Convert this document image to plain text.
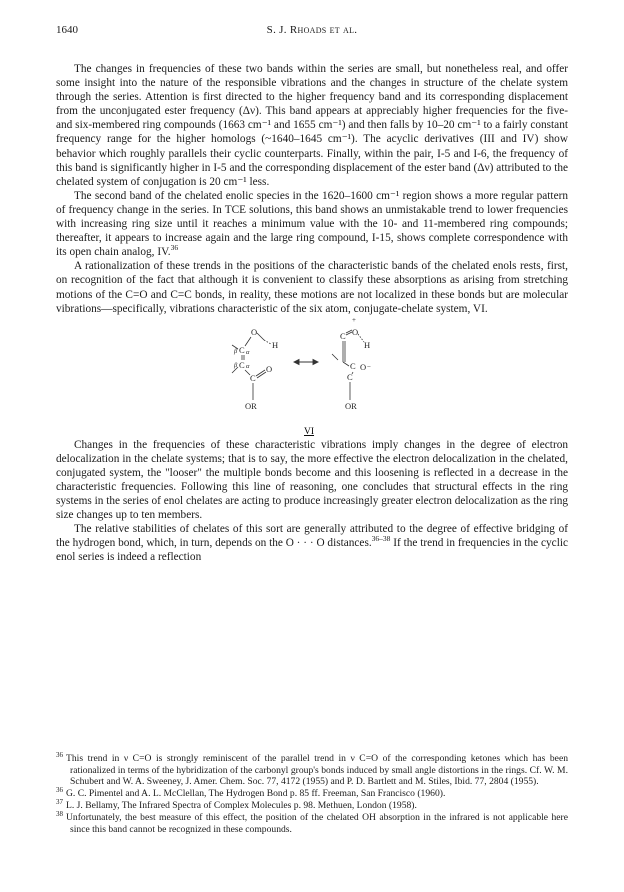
1640	S. J. Rhoads et al.

The changes in frequencies of these two bands within the series are small, but nonetheless real, and offer some insight into the nature of the responsible vibrations and the changes in structure of the chelate system through the series. Attention is first directed to the higher frequency band and its corresponding displacement from the unconjugated ester frequency (Δν). This band appears at appreciably higher frequencies for the five- and six-membered ring compounds (1663 cm⁻¹ and 1655 cm⁻¹) and then falls by 10–20 cm⁻¹ to a fairly constant frequency range for the higher homologs (~1640–1645 cm⁻¹). The acyclic derivatives (III and IV) show behavior which roughly parallels their cyclic counterparts. Finally, within the pair, I-5 and I-6, the frequency of this band is significantly higher in I-5 and the corresponding displacement of the ester band (Δν) attributed to the chelated system of conjugation is 20 cm⁻¹ less.

The second band of the chelated enolic species in the 1620–1600 cm⁻¹ region shows a more regular pattern of frequency change in the series. In TCE solutions, this band shows an unmistakable trend to lower frequencies with increasing ring size until it reaches a minimum value with the 10- and 11-membered ring compounds; thereafter, it appears to increase again and the large ring compound, I-15, shows complete correspondence with its open chain analog, IV.$^{36}$

A rationalization of these trends in the positions of the characteristic bands of the chelated enols rests, first, on recognition of the fact that although it is convenient to classify these absorptions as arising from stretching motions of the C=O and C=C bonds, in reality, these motions are not localized in these bonds but are molecular vibrations—specifically, vibrations characteristic of the six atom, conjugate-chelate system, VI.

O
H
β C α
β C α
C
O
OR
+
O
C
H
C O −
C
OR
VI

Changes in the frequencies of these characteristic vibrations imply changes in the degree of electron delocalization in the chelate systems; that is to say, the more effective the electron delocalization in the chelated, conjugated system, the "looser" the multiple bonds become and this loosening is reflected in a decrease in the characteristic frequencies. Following this line of reasoning, one concludes that structural effects in the ring systems in the series of enol chelates are acting to produce increasingly greater electron delocalization as the ring size changes up to ten members.

The relative stabilities of chelates of this sort are generally attributed to the degree of effective bridging of the hydrogen bond, which, in turn, depends on the O · · · O distances.$^{36-38}$ If the trend in frequencies in the cyclic enol series is indeed a reflection

$^{36}$ This trend in ν C=O is strongly reminiscent of the parallel trend in ν C=O of the corresponding ketones which has been rationalized in terms of the hybridization of the carbonyl group's bonds induced by small angle distortions in the rings. Cf. W. M. Schubert and W. A. Sweeney, J. Amer. Chem. Soc. 77, 4172 (1955) and P. D. Bartlett and M. Stiles, Ibid. 77, 2804 (1955).

$^{36}$ G. C. Pimentel and A. L. McClellan, The Hydrogen Bond p. 85 ff. Freeman, San Francisco (1960).

$^{37}$ L. J. Bellamy, The Infrared Spectra of Complex Molecules p. 98. Methuen, London (1958).

$^{38}$ Unfortunately, the best measure of this effect, the position of the chelated OH absorption in the infrared is not applicable here since this band cannot be recognized in these compounds.
